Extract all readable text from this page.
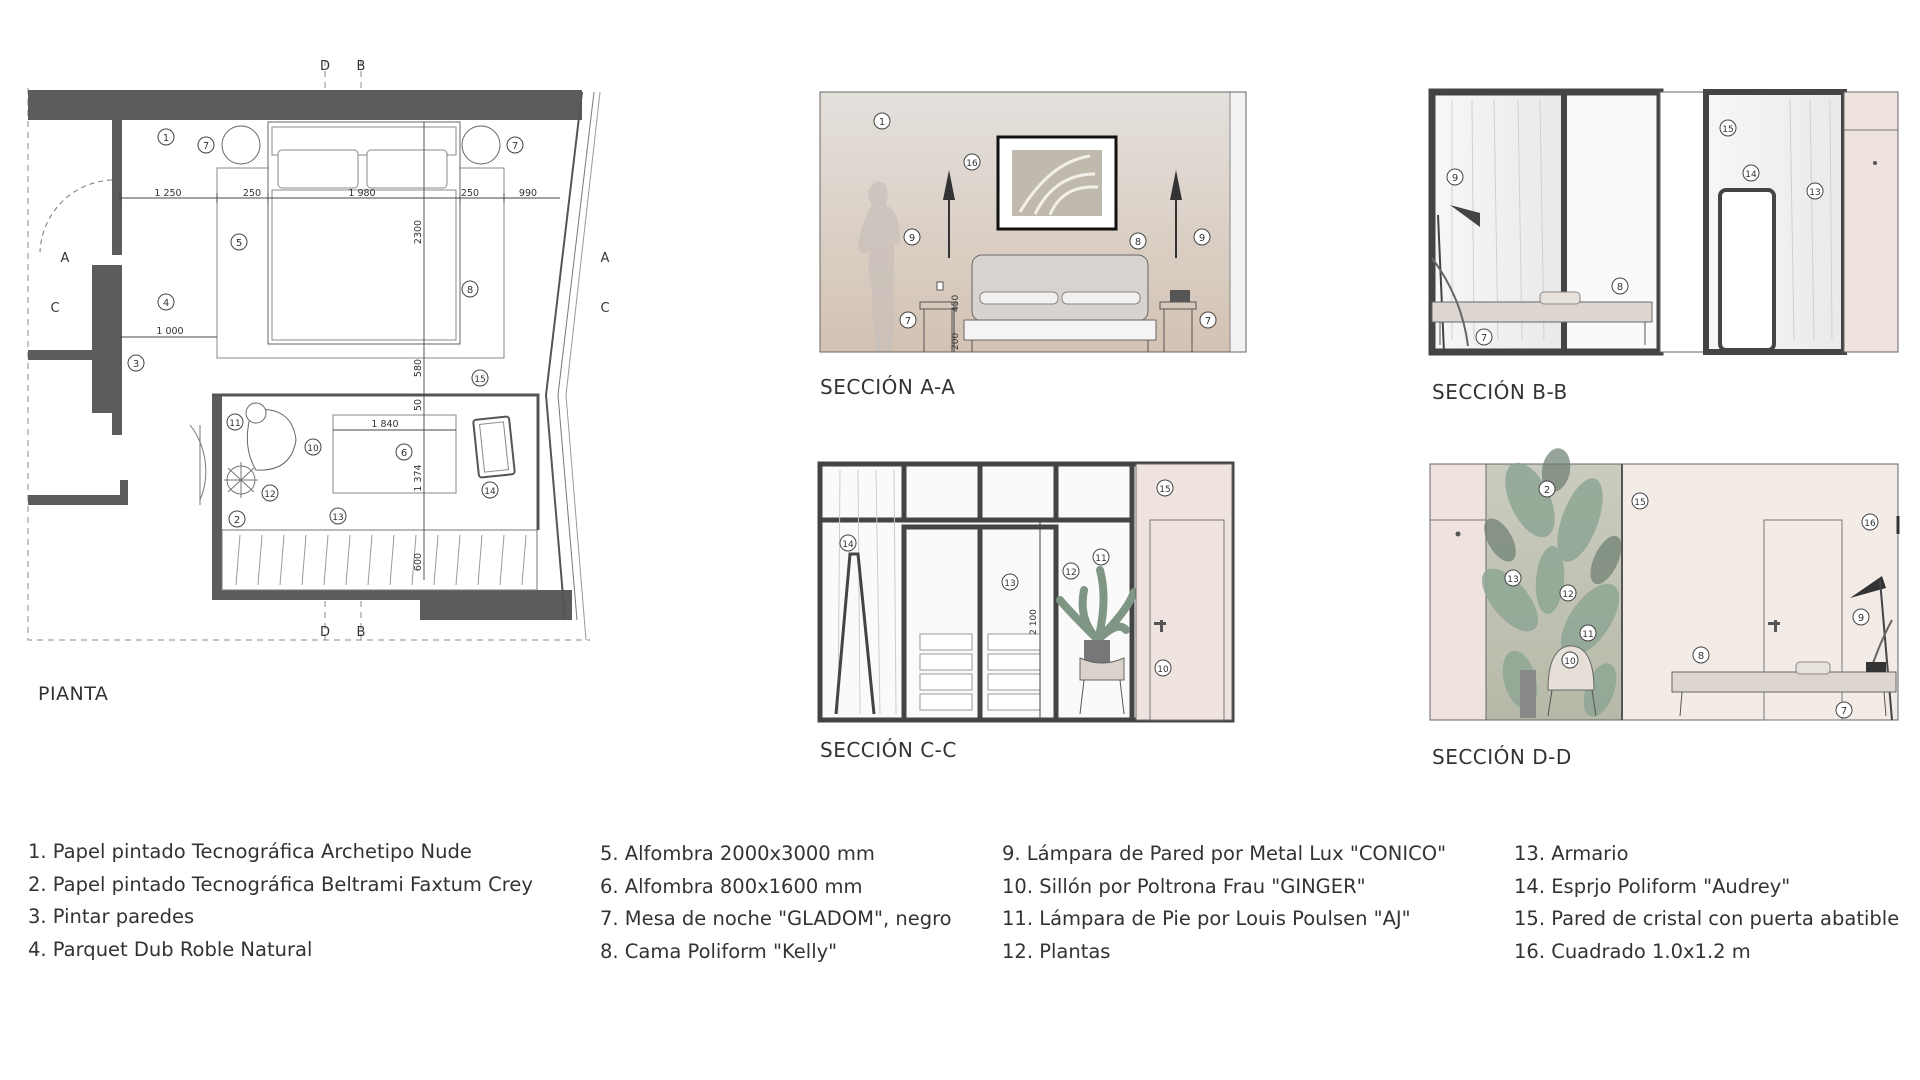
1 250	250	1 980	250	990
1 000
1 840
2300
580
50
1 374
600
D B
D B
A	A
C	C	450
200
2 100
1
7	7
5
4
8
3
15
11
10	6
12	14
13
2
1
16
9	8	9
7	7
9
8
7
15
14
13
14
13
12
11
15
10
2
15
13
12
11
10	8
16
9
7
PIANTA
SECCIÓN A-A	SECCIÓN B-B
SECCIÓN C-C	SECCIÓN D-D
1. Papel pintado Tecnográfica Archetipo Nude
2. Papel pintado Tecnográfica Beltrami Faxtum Crey
3. Pintar paredes
4. Parquet Dub Roble Natural
5. Alfombra 2000x3000 mm
6. Alfombra 800x1600 mm
7. Mesa de noche "GLADOM", negro
8. Cama Poliform "Kelly"
9. Lámpara de Pared por Metal Lux "CONICO"
10. Sillón por Poltrona Frau "GINGER"
11. Lámpara de Pie por Louis Poulsen "AJ"
12. Plantas
13. Armario
14. Esprjo Poliform "Audrey"
15. Pared de cristal con puerta abatible
16. Cuadrado 1.0x1.2 m
